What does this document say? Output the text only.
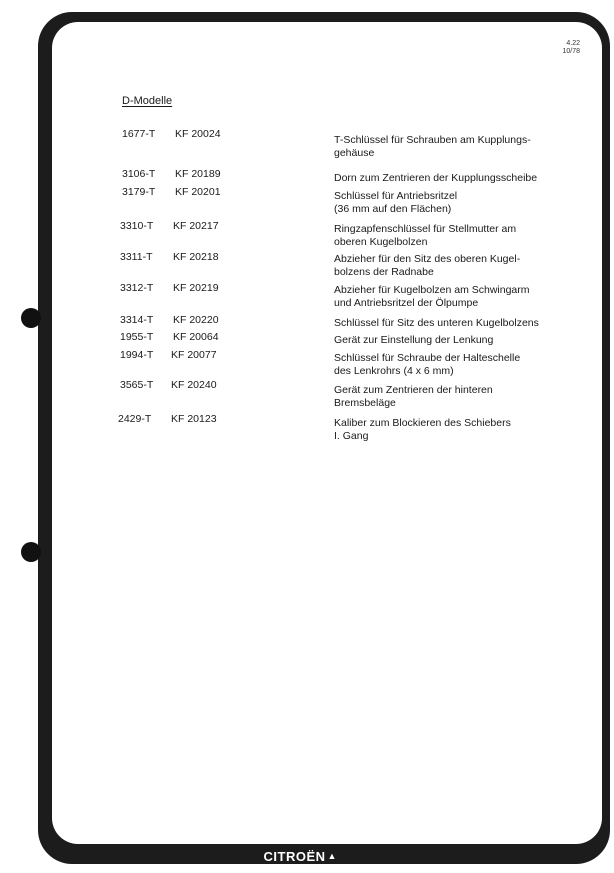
4.22
10/78
D-Modelle
1677-T KF 20024	T-Schlüssel für Schrauben am Kupplungs-
gehäuse
3106-T KF 20189	Dorn zum Zentrieren der Kupplungsscheibe
3179-T KF 20201	Schlüssel für Antriebsritzel
(36 mm auf den Flächen)
3310-T KF 20217	Ringzapfenschlüssel für Stellmutter am
oberen Kugelbolzen
3311-T KF 20218	Abzieher für den Sitz des oberen Kugel-
bolzens der Radnabe
3312-T KF 20219	Abzieher für Kugelbolzen am Schwingarm
und Antriebsritzel der Ölpumpe
3314-T KF 20220	Schlüssel für Sitz des unteren Kugelbolzens
1955-T KF 20064	Gerät zur Einstellung der Lenkung
1994-T KF 20077	Schlüssel für Schraube der Halteschelle
des Lenkrohrs (4 x 6 mm)
3565-T KF 20240	Gerät zum Zentrieren der hinteren
Bremsbeläge
2429-T KF 20123	Kaliber zum Blockieren des Schiebers
I. Gang
CITROËN ▲
